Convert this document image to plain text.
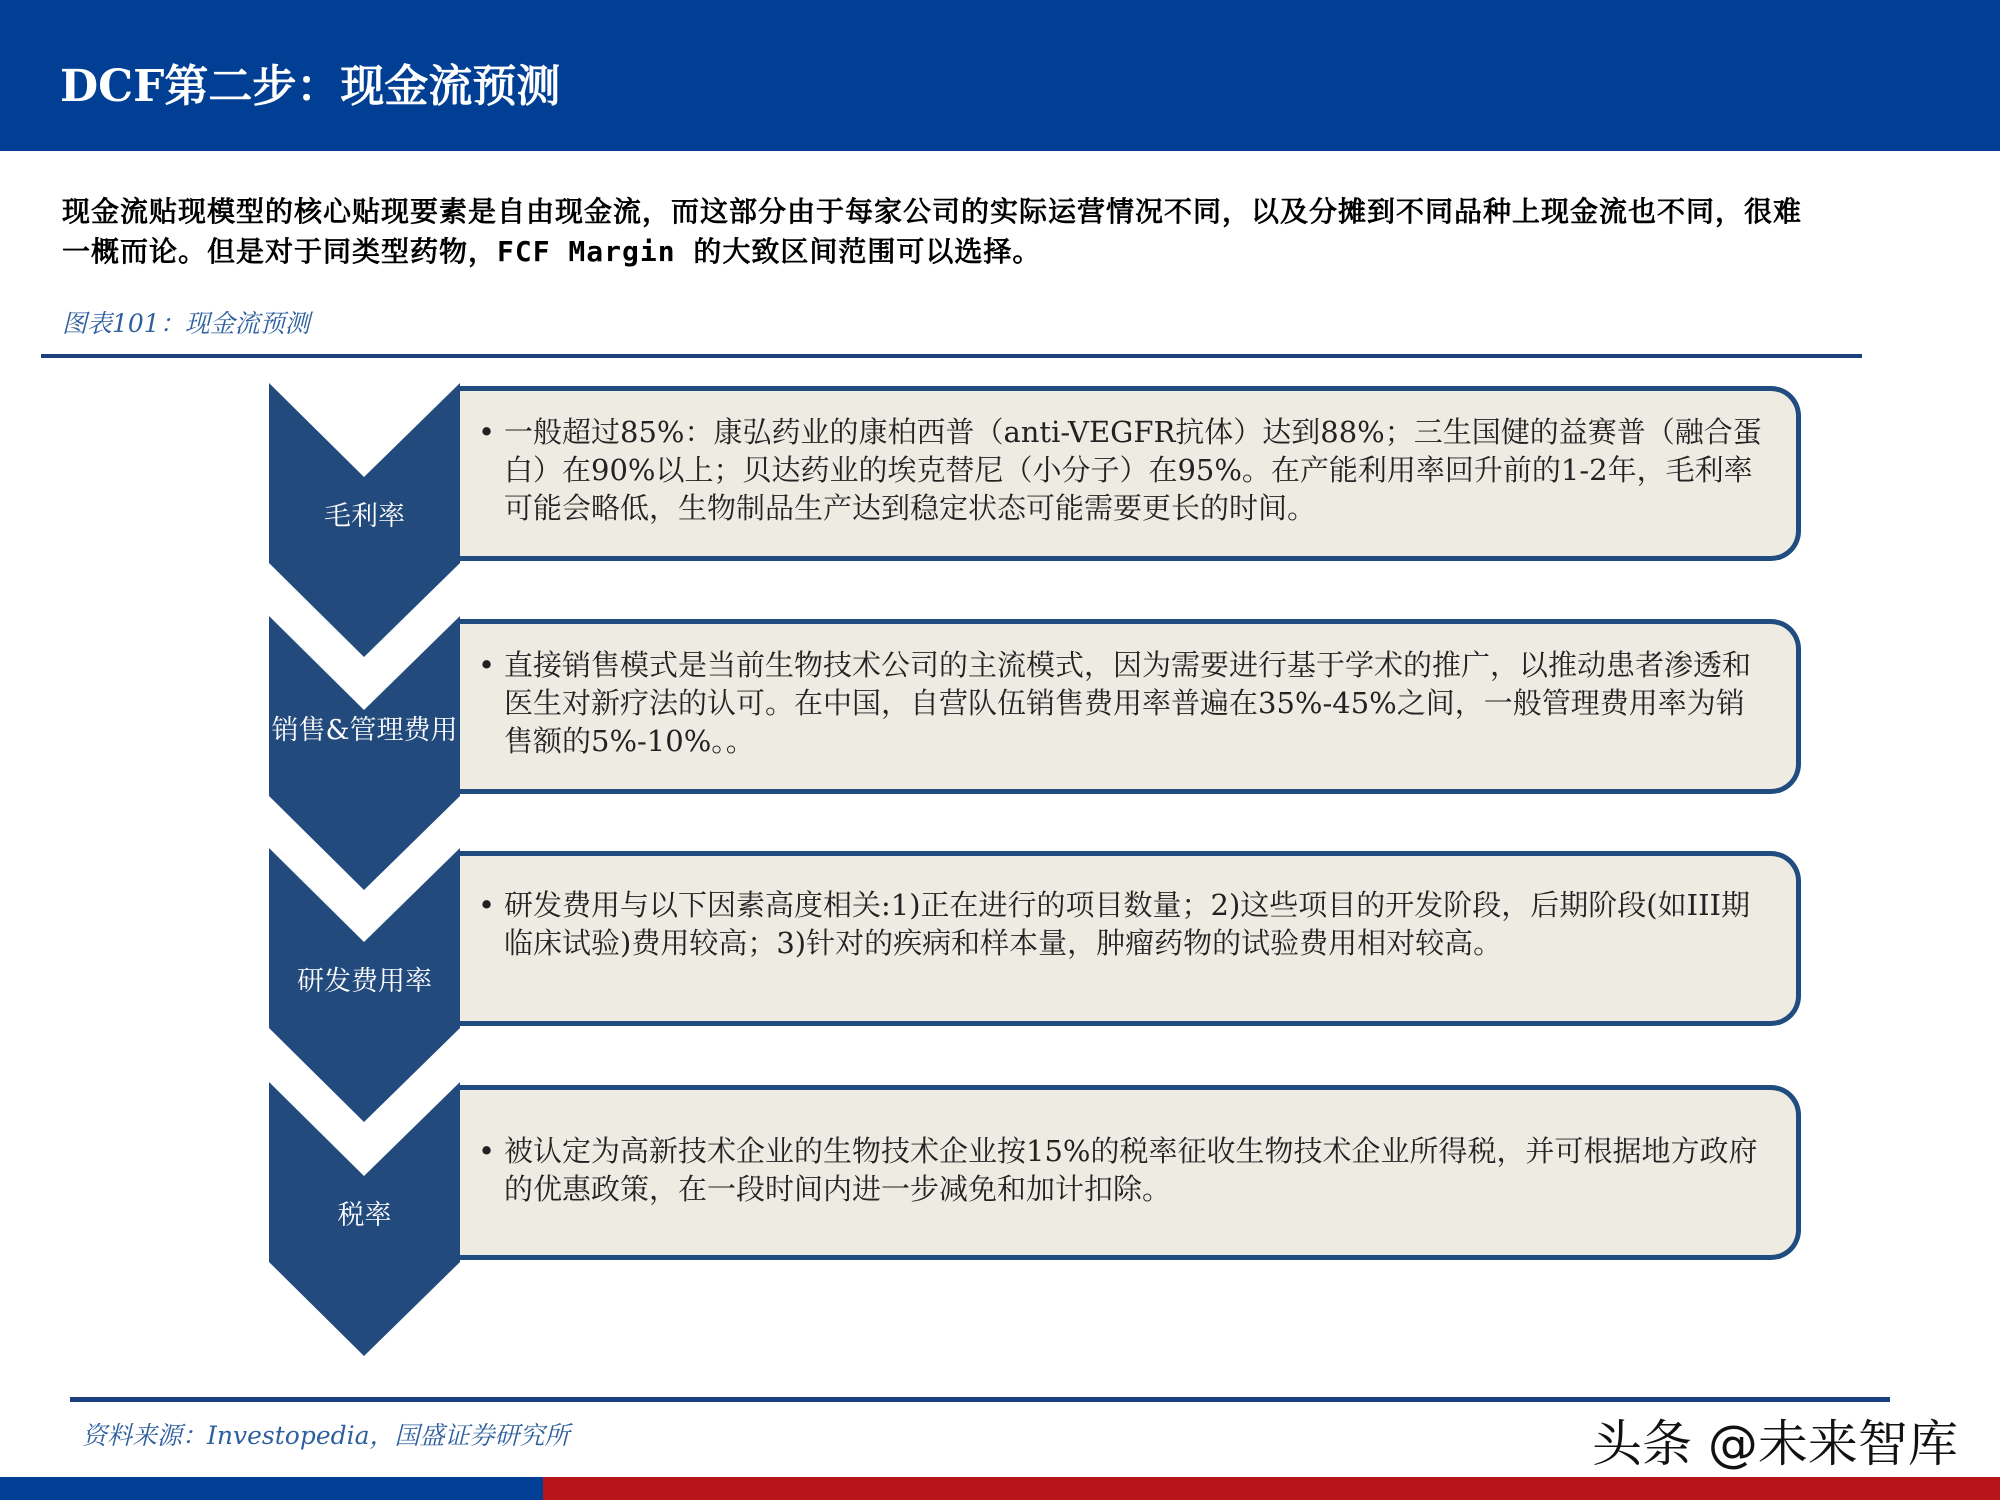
DCF第二步：现金流预测
现金流贴现模型的核心贴现要素是自由现金流，而这部分由于每家公司的实际运营情况不同，以及分摊到不同品种上现金流也不同，很难一概而论。但是对于同类型药物，FCF Margin 的大致区间范围可以选择。
图表101：现金流预测
毛利率
• 一般超过85%：康弘药业的康柏西普（anti-VEGFR抗体）达到88%；三生国健的益赛普（融合蛋白）在90%以上；贝达药业的埃克替尼（小分子）在95%。在产能利用率回升前的1-2年，毛利率可能会略低，生物制品生产达到稳定状态可能需要更长的时间。
销售&管理费用
• 直接销售模式是当前生物技术公司的主流模式，因为需要进行基于学术的推广，以推动患者渗透和医生对新疗法的认可。在中国，自营队伍销售费用率普遍在35%-45%之间，一般管理费用率为销售额的5%-10%。。
研发费用率
• 研发费用与以下因素高度相关:1)正在进行的项目数量；2)这些项目的开发阶段，后期阶段(如III期临床试验)费用较高；3)针对的疾病和样本量，肿瘤药物的试验费用相对较高。
税率
• 被认定为高新技术企业的生物技术企业按15%的税率征收生物技术企业所得税，并可根据地方政府的优惠政策，在一段时间内进一步减免和加计扣除。
资料来源：Investopedia，国盛证券研究所	头条 @未来智库
